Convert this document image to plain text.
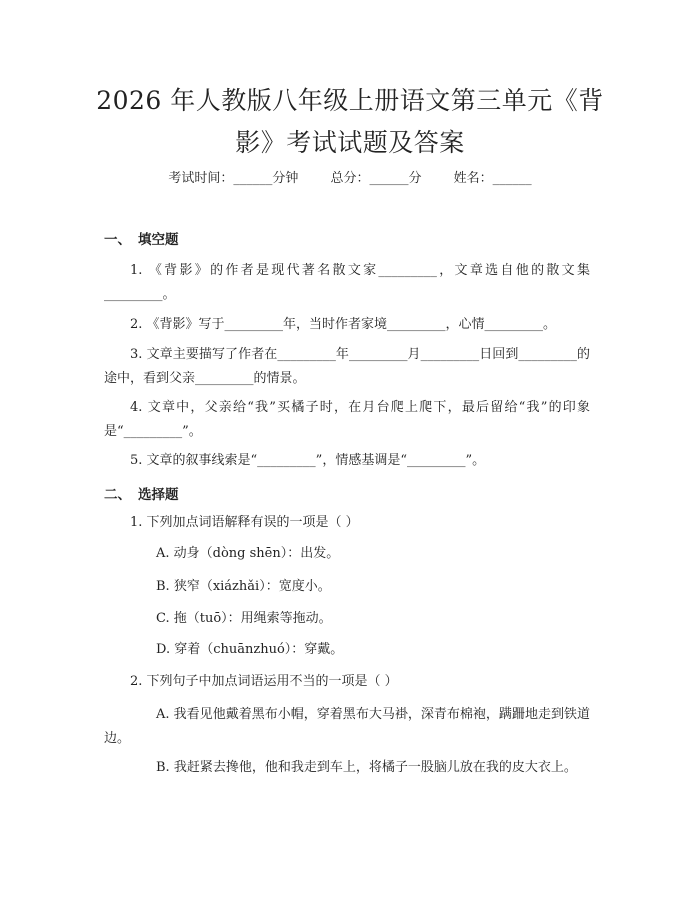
2026 年人教版八年级上册语文第三单元《背
影》考试试题及答案
考试时间：______分钟 总分：______分 姓名：______
一、 填空题
1. 《背影》的作者是现代著名散文家_________，文章选自他的散文集_________。
2. 《背影》写于_________年，当时作者家境_________，心情_________。
3. 文章主要描写了作者在_________年_________月_________日回到_________的途中，看到父亲_________的情景。
4. 文章中，父亲给“我”买橘子时，在月台爬上爬下，最后留给“我”的印象是“_________”。
5. 文章的叙事线索是“_________”，情感基调是“_________”。
二、 选择题
1. 下列加点词语解释有误的一项是（ ）
A. 动身（dòng shēn）：出发。
B. 狭窄（xiázhǎi）：宽度小。
C. 拖（tuō）：用绳索等拖动。
D. 穿着（chuānzhuó）：穿戴。
2. 下列句子中加点词语运用不当的一项是（ ）
A. 我看见他戴着黑布小帽，穿着黑布大马褂，深青布棉袍，蹒跚地走到铁道边。
B. 我赶紧去搀他，他和我走到车上，将橘子一股脑儿放在我的皮大衣上。
